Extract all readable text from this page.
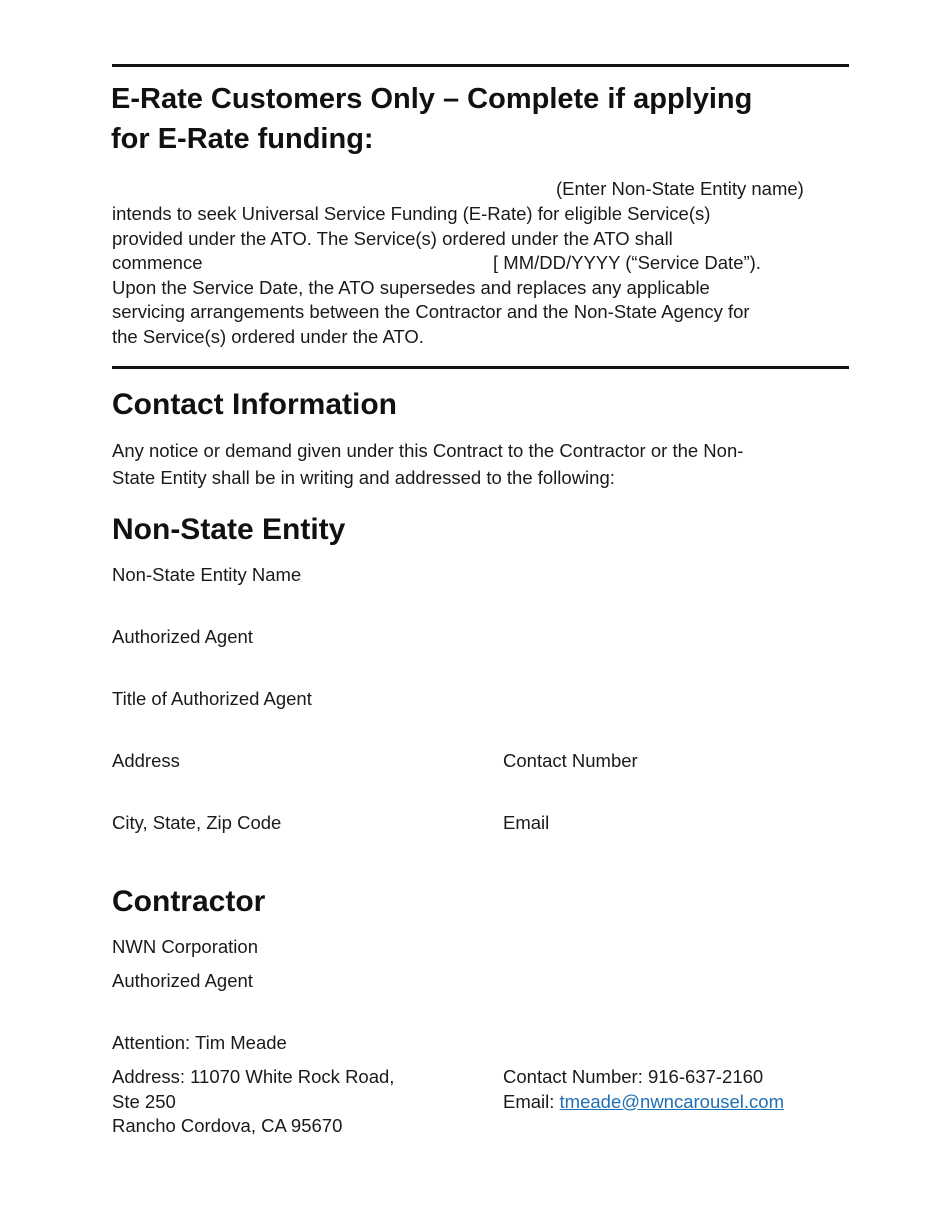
E-Rate Customers Only – Complete if applying
for E-Rate funding:
(Enter Non-State Entity name)
intends to seek Universal Service Funding (E-Rate) for eligible Service(s)
provided under the ATO. The Service(s) ordered under the ATO shall
commence	[ MM/DD/YYYY (“Service Date”).
Upon the Service Date, the ATO supersedes and replaces any applicable
servicing arrangements between the Contractor and the Non-State Agency for
the Service(s) ordered under the ATO.
Contact Information
Any notice or demand given under this Contract to the Contractor or the Non-
State Entity shall be in writing and addressed to the following:
Non-State Entity
Non-State Entity Name
Authorized Agent
Title of Authorized Agent
Address	Contact Number
City, State, Zip Code	Email
Contractor
NWN Corporation
Authorized Agent
Attention: Tim Meade
Address: 11070 White Rock Road,
Ste 250
Rancho Cordova, CA 95670
Contact Number: 916-637-2160
Email: tmeade@nwncarousel.com
